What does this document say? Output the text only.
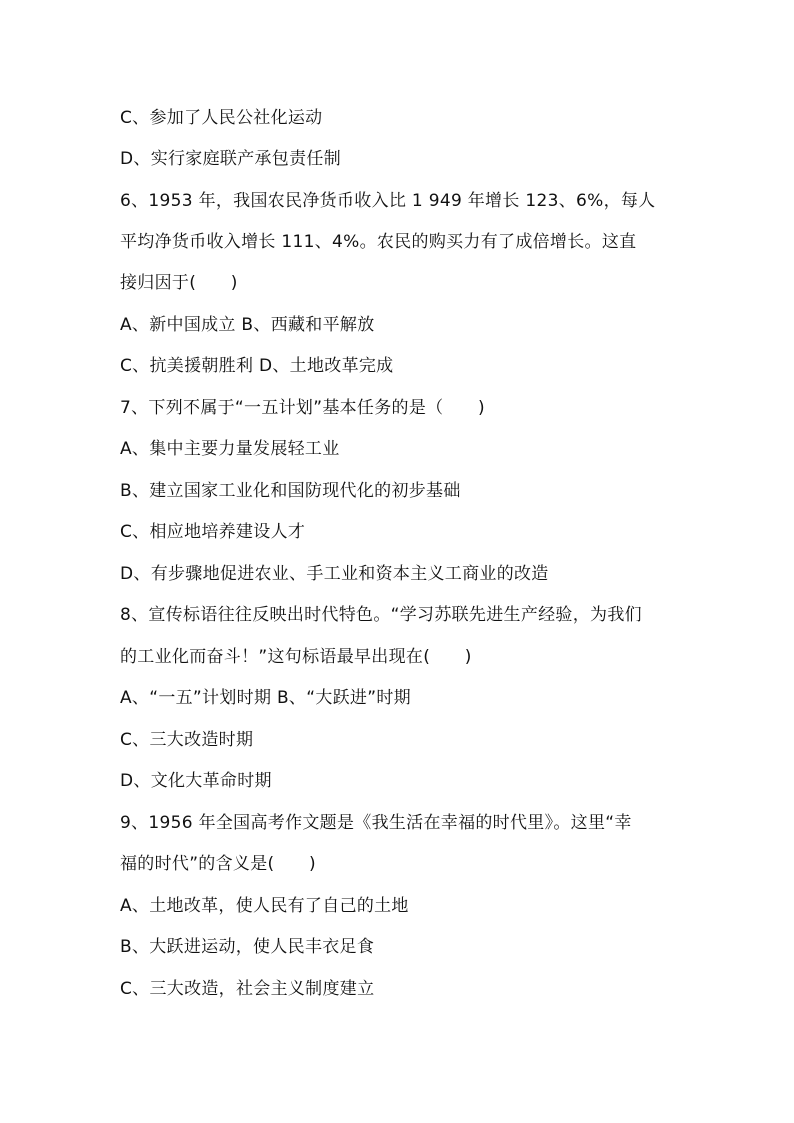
C、参加了人民公社化运动
D、实行家庭联产承包责任制
6、1953 年，我国农民净货币收入比 1 949 年增长 123、6%，每人
平均净货币收入增长 111、4%。农民的购买力有了成倍增长。这直
接归因于(　　)
A、新中国成立 B、西藏和平解放
C、抗美援朝胜利 D、土地改革完成
7、下列不属于“一五计划”基本任务的是（　　)
A、集中主要力量发展轻工业
B、建立国家工业化和国防现代化的初步基础
C、相应地培养建设人才
D、有步骤地促进农业、手工业和资本主义工商业的改造
8、宣传标语往往反映出时代特色。“学习苏联先进生产经验，为我们
的工业化而奋斗！”这句标语最早出现在(　　)
A、“一五”计划时期 B、“大跃进”时期
C、三大改造时期
D、文化大革命时期
9、1956 年全国高考作文题是《我生活在幸福的时代里》。这里“幸
福的时代”的含义是(　　)
A、土地改革，使人民有了自己的土地
B、大跃进运动，使人民丰衣足食
C、三大改造，社会主义制度建立
